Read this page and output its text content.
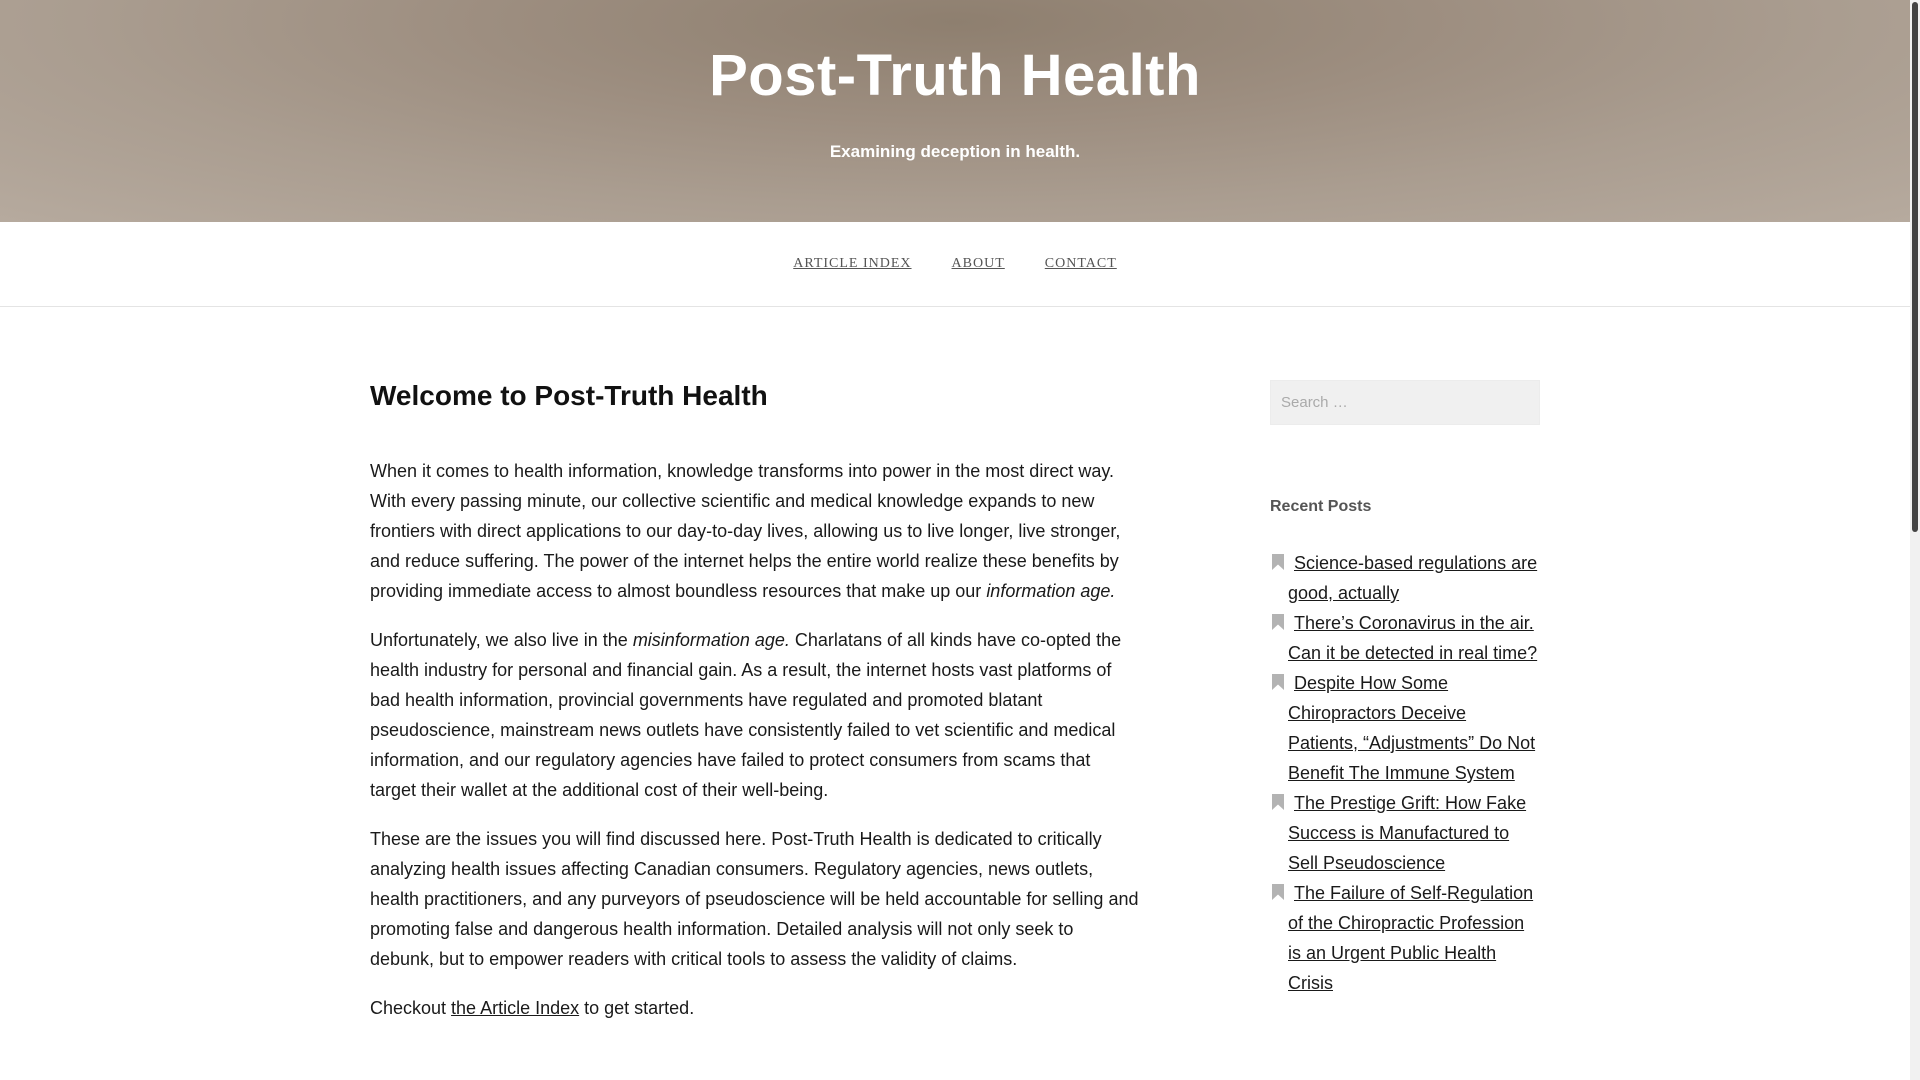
Post-Truth Health
Examining deception in health.
ARTICLE INDEX	ABOUT	CONTACT
Welcome to Post-Truth Health

When it comes to health information, knowledge transforms into power in the most direct way. With every passing minute, our collective scientific and medical knowledge expands to new frontiers with direct applications to our day-to-day lives, allowing us to live longer, live stronger, and reduce suffering. The power of the internet helps the entire world realize these benefits by providing immediate access to almost boundless resources that make up our information age.

Unfortunately, we also live in the misinformation age. Charlatans of all kinds have co-opted the health industry for personal and financial gain. As a result, the internet hosts vast platforms of bad health information, provincial governments have regulated and promoted blatant pseudoscience, mainstream news outlets have consistently failed to vet scientific and medical information, and our regulatory agencies have failed to protect consumers from scams that target their wallet at the additional cost of their well-being.

These are the issues you will find discussed here. Post-Truth Health is dedicated to critically analyzing health issues affecting Canadian consumers. Regulatory agencies, news outlets, health practitioners, and any purveyors of pseudoscience will be held accountable for selling and promoting false and dangerous health information. Detailed analysis will not only seek to debunk, but to empower readers with critical tools to assess the validity of claims.

Checkout the Article Index to get started.

Search …
Recent Posts
Science-based regulations are good, actually
There’s Coronavirus in the air. Can it be detected in real time?
Despite How Some Chiropractors Deceive Patients, “Adjustments” Do Not Benefit The Immune System
The Prestige Grift: How Fake Success is Manufactured to Sell Pseudoscience
The Failure of Self-Regulation of the Chiropractic Profession is an Urgent Public Health Crisis
